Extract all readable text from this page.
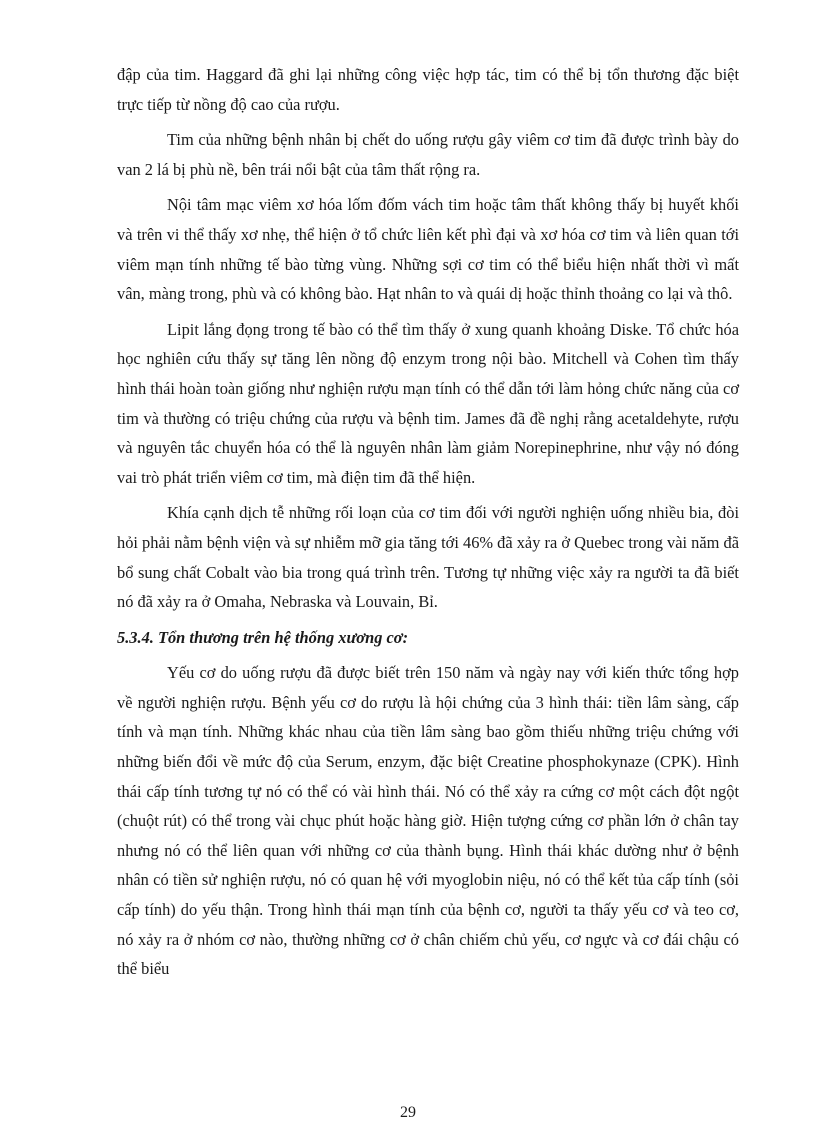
đập của tim. Haggard đã ghi lại những công việc hợp tác, tim có thể bị tổn thương đặc biệt trực tiếp từ nồng độ cao của rượu.

Tim của những bệnh nhân bị chết do uống rượu gây viêm cơ tim đã được trình bày do van 2 lá bị phù nề, bên trái nổi bật của tâm thất rộng ra.

Nội tâm mạc viêm xơ hóa lốm đốm vách tim hoặc tâm thất không thấy bị huyết khối và trên vi thể thấy xơ nhẹ, thể hiện ở tổ chức liên kết phì đại và xơ hóa cơ tim và liên quan tới viêm mạn tính những tế bào từng vùng. Những sợi cơ tim có thể biểu hiện nhất thời vì mất vân, màng trong, phù và có không bào. Hạt nhân to và quái dị hoặc thỉnh thoảng co lại và thô.

Lipit lắng đọng trong tế bào có thể tìm thấy ở xung quanh khoảng Diske. Tổ chức hóa học nghiên cứu thấy sự tăng lên nồng độ enzym trong nội bào. Mitchell và Cohen tìm thấy hình thái hoàn toàn giống như nghiện rượu mạn tính có thể dẫn tới làm hỏng chức năng của cơ tim và thường có triệu chứng của rượu và bệnh tim. James đã đề nghị rằng acetaldehyte, rượu và nguyên tắc chuyển hóa có thể là nguyên nhân làm giảm Norepinephrine, như vậy nó đóng vai trò phát triển viêm cơ tim, mà điện tim đã thể hiện.

Khía cạnh dịch tễ những rối loạn của cơ tim đối với người nghiện uống nhiều bia, đòi hỏi phải nằm bệnh viện và sự nhiễm mỡ gia tăng tới 46% đã xảy ra ở Quebec trong vài năm đã bổ sung chất Cobalt vào bia trong quá trình trên. Tương tự những việc xảy ra người ta đã biết nó đã xảy ra ở Omaha, Nebraska và Louvain, Bỉ.

5.3.4. Tổn thương trên hệ thống xương cơ:

Yếu cơ do uống rượu đã được biết trên 150 năm và ngày nay với kiến thức tổng hợp về người nghiện rượu. Bệnh yếu cơ do rượu là hội chứng của 3 hình thái: tiền lâm sàng, cấp tính và mạn tính. Những khác nhau của tiền lâm sàng bao gồm thiếu những triệu chứng với những biến đổi về mức độ của Serum, enzym, đặc biệt Creatine phosphokynaze (CPK). Hình thái cấp tính tương tự nó có thể có vài hình thái. Nó có thể xảy ra cứng cơ một cách đột ngột (chuột rút) có thể trong vài chục phút hoặc hàng giờ. Hiện tượng cứng cơ phần lớn ở chân tay nhưng nó có thể liên quan với những cơ của thành bụng. Hình thái khác dường như ở bệnh nhân có tiền sử nghiện rượu, nó có quan hệ với myoglobin niệu, nó có thể kết tủa cấp tính (sỏi cấp tính) do yếu thận. Trong hình thái mạn tính của bệnh cơ, người ta thấy yếu cơ và teo cơ, nó xảy ra ở nhóm cơ nào, thường những cơ ở chân chiếm chủ yếu, cơ ngực và cơ đái chậu có thể biểu

29
